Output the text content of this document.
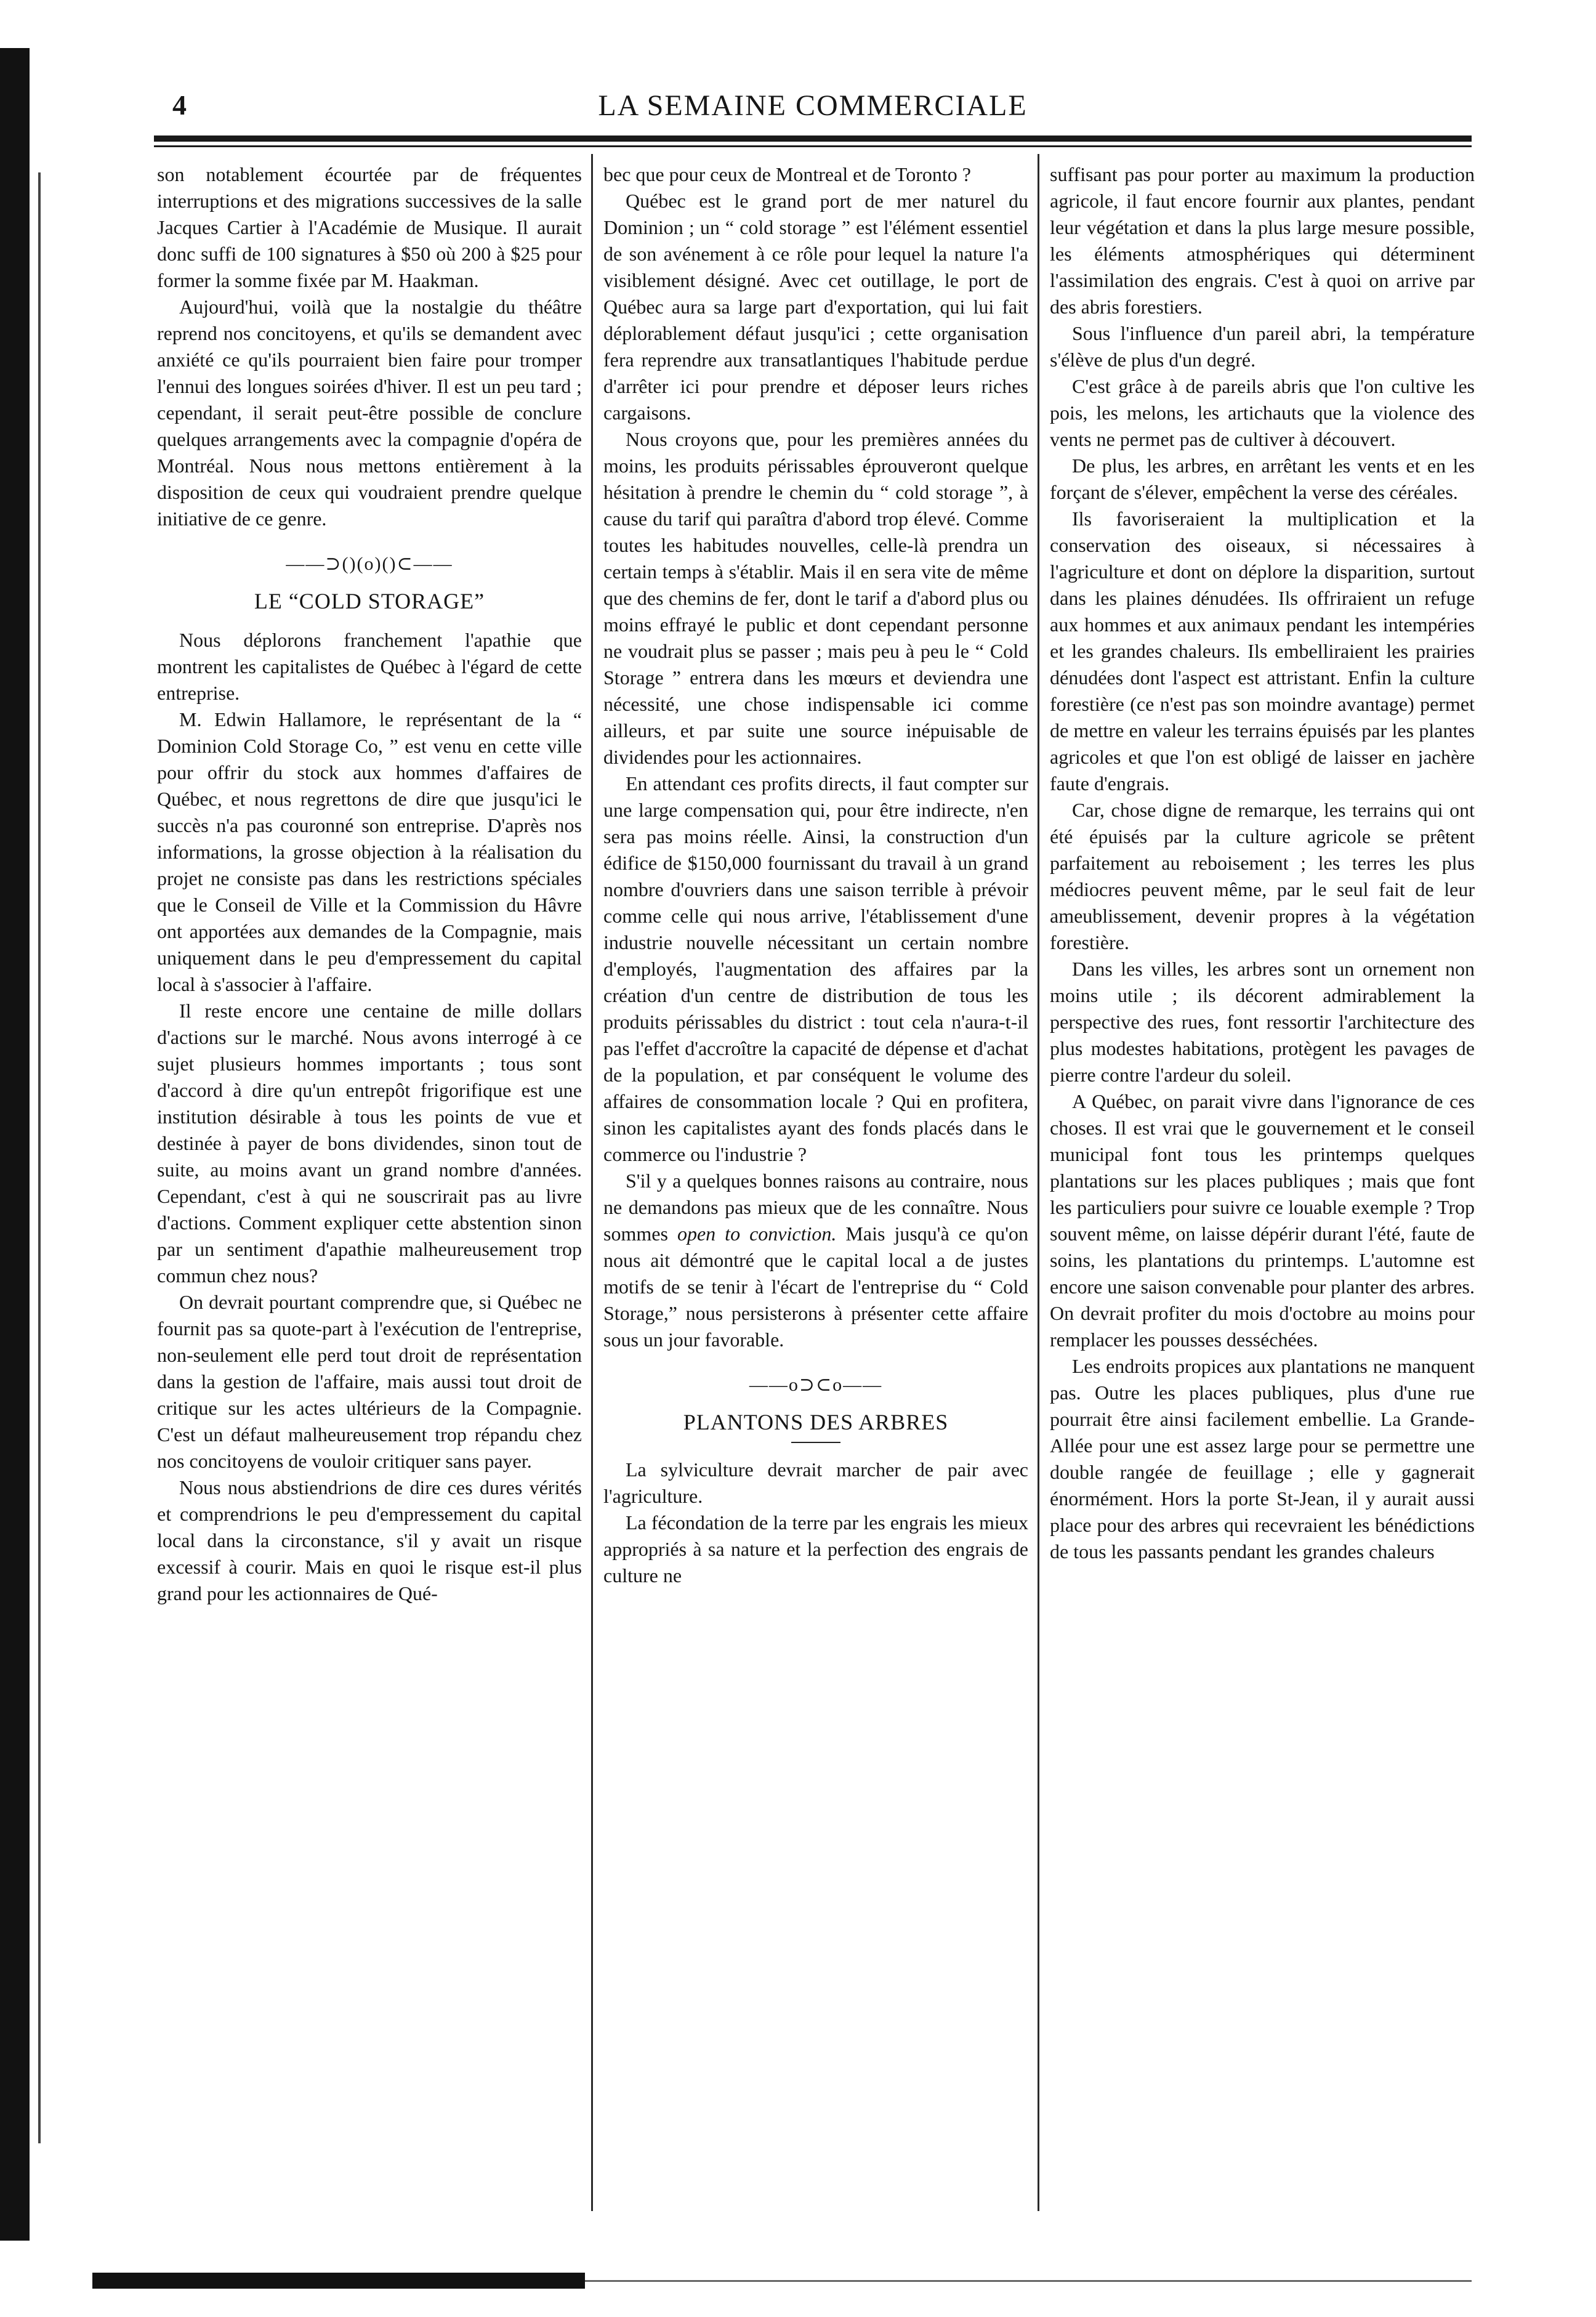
4	LA SEMAINE COMMERCIALE

son notablement écourtée par de fréquentes interruptions et des migrations successives de la salle Jacques Cartier à l'Académie de Musique. Il aurait donc suffi de 100 signatures à $50 où 200 à $25 pour former la somme fixée par M. Haakman.

Aujourd'hui, voilà que la nostalgie du théâtre reprend nos concitoyens, et qu'ils se demandent avec anxiété ce qu'ils pourraient bien faire pour tromper l'ennui des longues soirées d'hiver. Il est un peu tard ; cependant, il serait peut-être possible de conclure quelques arrangements avec la compagnie d'opéra de Montréal. Nous nous mettons entièrement à la disposition de ceux qui voudraient prendre quelque initiative de ce genre.

——⊃()(o)()⊂——
LE “COLD STORAGE”

Nous déplorons franchement l'apathie que montrent les capitalistes de Québec à l'égard de cette entreprise.

M. Edwin Hallamore, le représentant de la “ Dominion Cold Storage Co, ” est venu en cette ville pour offrir du stock aux hommes d'affaires de Québec, et nous regrettons de dire que jusqu'ici le succès n'a pas couronné son entreprise. D'après nos informations, la grosse objection à la réalisation du projet ne consiste pas dans les restrictions spéciales que le Conseil de Ville et la Commission du Hâvre ont apportées aux demandes de la Compagnie, mais uniquement dans le peu d'empressement du capital local à s'associer à l'affaire.

Il reste encore une centaine de mille dollars d'actions sur le marché. Nous avons interrogé à ce sujet plusieurs hommes importants ; tous sont d'accord à dire qu'un entrepôt frigorifique est une institution désirable à tous les points de vue et destinée à payer de bons dividendes, sinon tout de suite, au moins avant un grand nombre d'années. Cependant, c'est à qui ne souscrirait pas au livre d'actions. Comment expliquer cette abstention sinon par un sentiment d'apathie malheureusement trop commun chez nous?

On devrait pourtant comprendre que, si Québec ne fournit pas sa quote-part à l'exécution de l'entreprise, non-seulement elle perd tout droit de représentation dans la gestion de l'affaire, mais aussi tout droit de critique sur les actes ultérieurs de la Compagnie. C'est un défaut malheureusement trop répandu chez nos concitoyens de vouloir critiquer sans payer.

Nous nous abstiendrions de dire ces dures vérités et comprendrions le peu d'empressement du capital local dans la circonstance, s'il y avait un risque excessif à courir. Mais en quoi le risque est-il plus grand pour les actionnaires de Qué-

bec que pour ceux de Montreal et de Toronto ?

Québec est le grand port de mer naturel du Dominion ; un “ cold storage ” est l'élément essentiel de son avénement à ce rôle pour lequel la nature l'a visiblement désigné. Avec cet outillage, le port de Québec aura sa large part d'exportation, qui lui fait déplorablement défaut jusqu'ici ; cette organisation fera reprendre aux transatlantiques l'habitude perdue d'arrêter ici pour prendre et déposer leurs riches cargaisons.

Nous croyons que, pour les premières années du moins, les produits périssables éprouveront quelque hésitation à prendre le chemin du “ cold storage ”, à cause du tarif qui paraîtra d'abord trop élevé. Comme toutes les habitudes nouvelles, celle-là prendra un certain temps à s'établir. Mais il en sera vite de même que des chemins de fer, dont le tarif a d'abord plus ou moins effrayé le public et dont cependant personne ne voudrait plus se passer ; mais peu à peu le “ Cold Storage ” entrera dans les mœurs et deviendra une nécessité, une chose indispensable ici comme ailleurs, et par suite une source inépuisable de dividendes pour les actionnaires.

En attendant ces profits directs, il faut compter sur une large compensation qui, pour être indirecte, n'en sera pas moins réelle. Ainsi, la construction d'un édifice de $150,000 fournissant du travail à un grand nombre d'ouvriers dans une saison terrible à prévoir comme celle qui nous arrive, l'établissement d'une industrie nouvelle nécessitant un certain nombre d'employés, l'augmentation des affaires par la création d'un centre de distribution de tous les produits périssables du district : tout cela n'aura-t-il pas l'effet d'accroître la capacité de dépense et d'achat de la population, et par conséquent le volume des affaires de consommation locale ? Qui en profitera, sinon les capitalistes ayant des fonds placés dans le commerce ou l'industrie ?

S'il y a quelques bonnes raisons au contraire, nous ne demandons pas mieux que de les connaître. Nous sommes open to conviction. Mais jusqu'à ce qu'on nous ait démontré que le capital local a de justes motifs de se tenir à l'écart de l'entreprise du “ Cold Storage,” nous persisterons à présenter cette affaire sous un jour favorable.

——o⊃⊂o——
PLANTONS DES ARBRES

La sylviculture devrait marcher de pair avec l'agriculture.

La fécondation de la terre par les engrais les mieux appropriés à sa nature et la perfection des engrais de culture ne

suffisant pas pour porter au maximum la production agricole, il faut encore fournir aux plantes, pendant leur végétation et dans la plus large mesure possible, les éléments atmosphériques qui déterminent l'assimilation des engrais. C'est à quoi on arrive par des abris forestiers.

Sous l'influence d'un pareil abri, la température s'élève de plus d'un degré.

C'est grâce à de pareils abris que l'on cultive les pois, les melons, les artichauts que la violence des vents ne permet pas de cultiver à découvert.

De plus, les arbres, en arrêtant les vents et en les forçant de s'élever, empêchent la verse des céréales.

Ils favoriseraient la multiplication et la conservation des oiseaux, si nécessaires à l'agriculture et dont on déplore la disparition, surtout dans les plaines dénudées. Ils offriraient un refuge aux hommes et aux animaux pendant les intempéries et les grandes chaleurs. Ils embelliraient les prairies dénudées dont l'aspect est attristant. Enfin la culture forestière (ce n'est pas son moindre avantage) permet de mettre en valeur les terrains épuisés par les plantes agricoles et que l'on est obligé de laisser en jachère faute d'engrais.

Car, chose digne de remarque, les terrains qui ont été épuisés par la culture agricole se prêtent parfaitement au reboisement ; les terres les plus médiocres peuvent même, par le seul fait de leur ameublissement, devenir propres à la végétation forestière.

Dans les villes, les arbres sont un ornement non moins utile ; ils décorent admirablement la perspective des rues, font ressortir l'architecture des plus modestes habitations, protègent les pavages de pierre contre l'ardeur du soleil.

A Québec, on parait vivre dans l'ignorance de ces choses. Il est vrai que le gouvernement et le conseil municipal font tous les printemps quelques plantations sur les places publiques ; mais que font les particuliers pour suivre ce louable exemple ? Trop souvent même, on laisse dépérir durant l'été, faute de soins, les plantations du printemps. L'automne est encore une saison convenable pour planter des arbres. On devrait profiter du mois d'octobre au moins pour remplacer les pousses desséchées.

Les endroits propices aux plantations ne manquent pas. Outre les places publiques, plus d'une rue pourrait être ainsi facilement embellie. La Grande-Allée pour une est assez large pour se permettre une double rangée de feuillage ; elle y gagnerait énormément. Hors la porte St-Jean, il y aurait aussi place pour des arbres qui recevraient les bénédictions de tous les passants pendant les grandes chaleurs
